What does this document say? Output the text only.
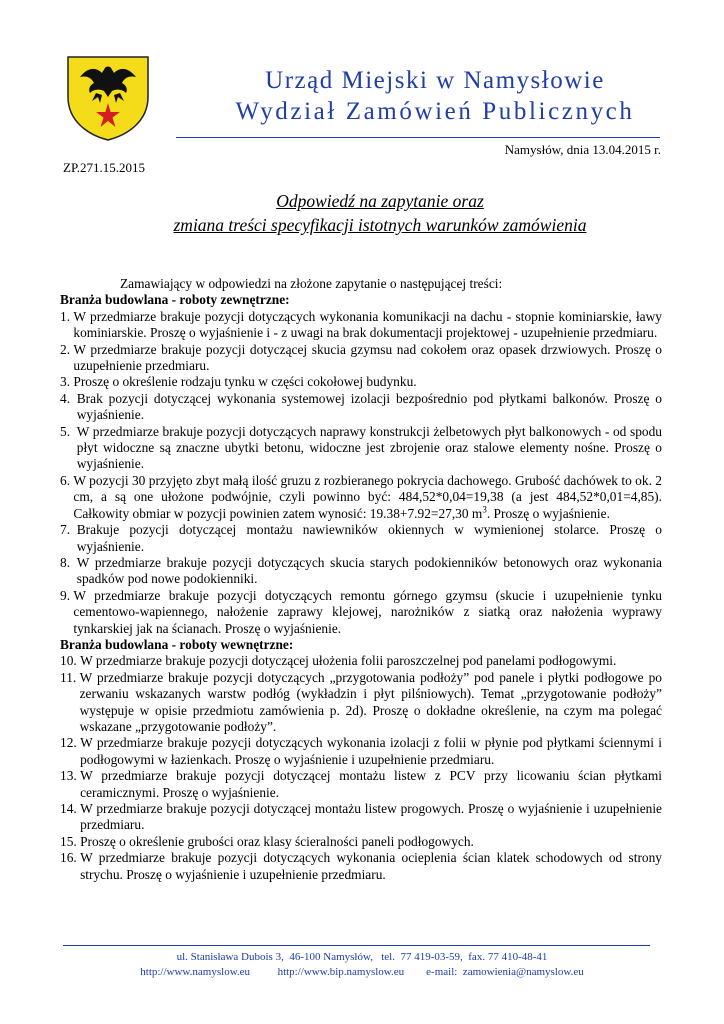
Urząd Miejski w Namysłowie
Wydział Zamówień Publicznych
Namysłów, dnia 13.04.2015 r.
ZP.271.15.2015
Odpowiedź na zapytanie oraz
zmiana treści specyfikacji istotnych warunków zamówienia

Zamawiający w odpowiedzi na złożone zapytanie o następującej treści:

Branża budowlana - roboty zewnętrzne:

1. W przedmiarze brakuje pozycji dotyczących wykonania komunikacji na dachu - stopnie kominiarskie, ławy kominiarskie. Proszę o wyjaśnienie i - z uwagi na brak dokumentacji projektowej - uzupełnienie przedmiaru.
2. W przedmiarze brakuje pozycji dotyczącej skucia gzymsu nad cokołem oraz opasek drzwiowych. Proszę o uzupełnienie przedmiaru.
3. Proszę o określenie rodzaju tynku w części cokołowej budynku.
4. Brak pozycji dotyczącej wykonania systemowej izolacji bezpośrednio pod płytkami balkonów. Proszę o wyjaśnienie.
5. W przedmiarze brakuje pozycji dotyczących naprawy konstrukcji żelbetowych płyt balkonowych - od spodu płyt widoczne są znaczne ubytki betonu, widoczne jest zbrojenie oraz stalowe elementy nośne. Proszę o wyjaśnienie.
6. W pozycji 30 przyjęto zbyt małą ilość gruzu z rozbieranego pokrycia dachowego. Grubość dachówek to ok. 2 cm, a są one ułożone podwójnie, czyli powinno być: 484,52*0,04=19,38 (a jest 484,52*0,01=4,85). Całkowity obmiar w pozycji powinien zatem wynosić: 19.38+7.92=27,30 $m^3$. Proszę o wyjaśnienie.
7. Brakuje pozycji dotyczącej montażu nawiewników okiennych w wymienionej stolarce. Proszę o wyjaśnienie.
8. W przedmiarze brakuje pozycji dotyczących skucia starych podokienników betonowych oraz wykonania spadków pod nowe podokienniki.
9. W przedmiarze brakuje pozycji dotyczących remontu górnego gzymsu (skucie i uzupełnienie tynku cementowo-wapiennego, nałożenie zaprawy klejowej, narożników z siatką oraz nałożenia wyprawy tynkarskiej jak na ścianach. Proszę o wyjaśnienie.

Branża budowlana - roboty wewnętrzne:

10. W przedmiarze brakuje pozycji dotyczącej ułożenia folii paroszczelnej pod panelami podłogowymi.
11. W przedmiarze brakuje pozycji dotyczących „przygotowania podłoży” pod panele i płytki podłogowe po zerwaniu wskazanych warstw podłóg (wykładzin i płyt pilśniowych). Temat „przygotowanie podłoży” występuje w opisie przedmiotu zamówienia p. 2d). Proszę o dokładne określenie, na czym ma polegać wskazane „przygotowanie podłoży”.
12. W przedmiarze brakuje pozycji dotyczących wykonania izolacji z folii w płynie pod płytkami ściennymi i podłogowymi w łazienkach. Proszę o wyjaśnienie i uzupełnienie przedmiaru.
13. W przedmiarze brakuje pozycji dotyczącej montażu listew z PCV przy licowaniu ścian płytkami ceramicznymi. Proszę o wyjaśnienie.
14. W przedmiarze brakuje pozycji dotyczącej montażu listew progowych. Proszę o wyjaśnienie i uzupełnienie przedmiaru.
15. Proszę o określenie grubości oraz klasy ścieralności paneli podłogowych.
16. W przedmiarze brakuje pozycji dotyczących wykonania ocieplenia ścian klatek schodowych od strony strychu. Proszę o wyjaśnienie i uzupełnienie przedmiaru.
ul. Stanisława Dubois 3,  46-100 Namysłów,   tel.  77 419-03-59,  fax. 77 410-48-41
http://www.namyslow.eu	http://www.bip.namyslow.eu e-mail:  zamowienia@namyslow.eu
